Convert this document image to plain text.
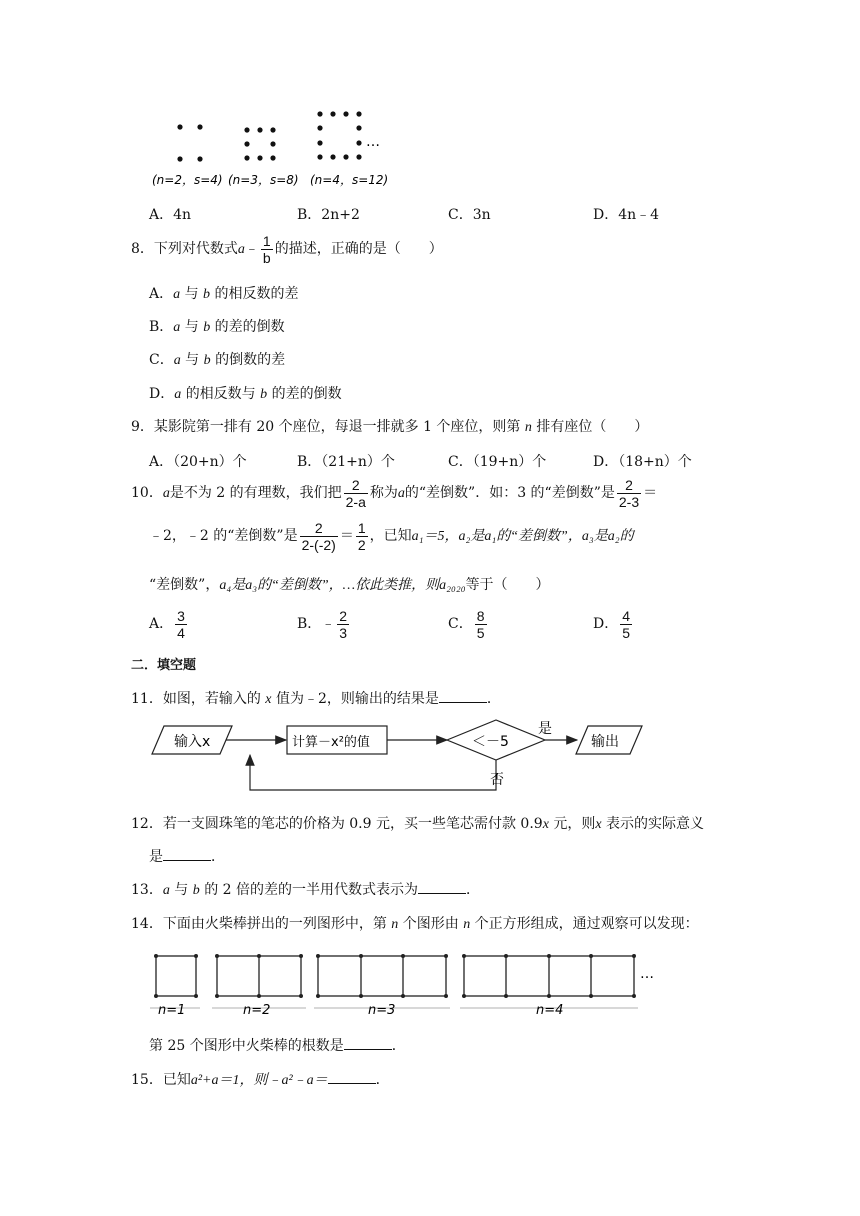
…
(n=2，s=4) (n=3，s=8) (n=4，s=12)
A．4n	B．2n+2	C．3n	D．4n﹣4
8．下列对代数式a﹣ $\frac{1}{b}$ 的描述，正确的是（　　）
A．a 与 b 的相反数的差
B．a 与 b 的差的倒数
C．a 与 b 的倒数的差
D．a 的相反数与 b 的差的倒数
9．某影院第一排有 20 个座位，每退一排就多 1 个座位，则第 n 排有座位（　　）
A．（20+n）个	B．（21+n）个	C．（19+n）个	D．（18+n）个
10．a是不为 2 的有理数，我们把 $\frac{2}{2-a}$ 称为a的“差倒数”．如：3 的“差倒数”是 $\frac{2}{2-3}$ ＝
﹣2，﹣2 的“差倒数”是 $\frac{2}{2-(-2)} = \frac{1}{2}$ ，已知a₁＝5，a₂是a₁的“差倒数”，a₃是a₂的
“差倒数”，a₄是a₃的“差倒数”，…依此类推，则a₂₀₂₀等于（　　）
A． $\frac{3}{4}$	B．﹣ $\frac{2}{3}$	C． $\frac{8}{5}$	D． $\frac{4}{5}$
二．填空题
11．如图，若输入的 x 值为﹣2，则输出的结果是	．
输入x	计算－x²的值	＜－5
是
输出
否
12．若一支圆珠笔的笔芯的价格为 0.9 元，买一些笔芯需付款 0.9x 元，则x 表示的实际意义
是	．
13．a 与 b 的 2 倍的差的一半用代数式表示为	．
14．下面由火柴棒拼出的一列图形中，第 n 个图形由 n 个正方形组成，通过观察可以发现：
…
n=1	n=2	n=3	n=4
第 25 个图形中火柴棒的根数是	．
15．已知a²+a＝1，则﹣a²﹣a＝	．
